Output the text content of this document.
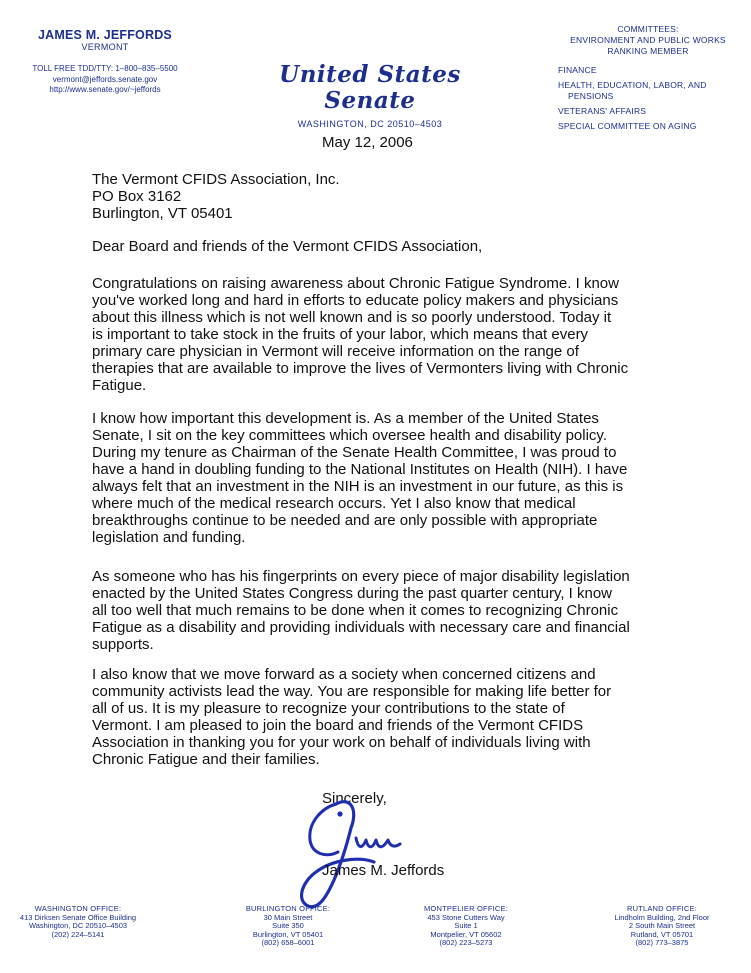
JAMES M. JEFFORDS
VERMONT
TOLL FREE TDD/TTY: 1–800–835–5500
vermont@jeffords.senate.gov
http://www.senate.gov/~jeffords
United States Senate
WASHINGTON, DC 20510–4503
COMMITTEES:
ENVIRONMENT AND PUBLIC WORKS
RANKING MEMBER
FINANCE
HEALTH, EDUCATION, LABOR, AND
PENSIONS
VETERANS' AFFAIRS
SPECIAL COMMITTEE ON AGING
May 12, 2006
The Vermont CFIDS Association, Inc.
PO Box 3162
Burlington, VT 05401
Dear Board and friends of the Vermont CFIDS Association,
Congratulations on raising awareness about Chronic Fatigue Syndrome. I know
you've worked long and hard in efforts to educate policy makers and physicians
about this illness which is not well known and is so poorly understood. Today it
is important to take stock in the fruits of your labor, which means that every
primary care physician in Vermont will receive information on the range of
therapies that are available to improve the lives of Vermonters living with Chronic
Fatigue.
I know how important this development is. As a member of the United States
Senate, I sit on the key committees which oversee health and disability policy.
During my tenure as Chairman of the Senate Health Committee, I was proud to
have a hand in doubling funding to the National Institutes on Health (NIH). I have
always felt that an investment in the NIH is an investment in our future, as this is
where much of the medical research occurs. Yet I also know that medical
breakthroughs continue to be needed and are only possible with appropriate
legislation and funding.
As someone who has his fingerprints on every piece of major disability legislation
enacted by the United States Congress during the past quarter century, I know
all too well that much remains to be done when it comes to recognizing Chronic
Fatigue as a disability and providing individuals with necessary care and financial
supports.
I also know that we move forward as a society when concerned citizens and
community activists lead the way. You are responsible for making life better for
all of us. It is my pleasure to recognize your contributions to the state of
Vermont. I am pleased to join the board and friends of the Vermont CFIDS
Association in thanking you for your work on behalf of individuals living with
Chronic Fatigue and their families.
Sincerely,
James M. Jeffords
WASHINGTON OFFICE:
413 Dirksen Senate Office Building
Washington, DC 20510–4503
(202) 224–5141
BURLINGTON OFFICE:
30 Main Street
Suite 350
Burlington, VT 05401
(802) 658–6001
MONTPELIER OFFICE:
453 Stone Cutters Way
Suite 1
Montpelier, VT 05602
(802) 223–5273
RUTLAND OFFICE:
Lindholm Building, 2nd Floor
2 South Main Street
Rutland, VT 05701
(802) 773–3875
